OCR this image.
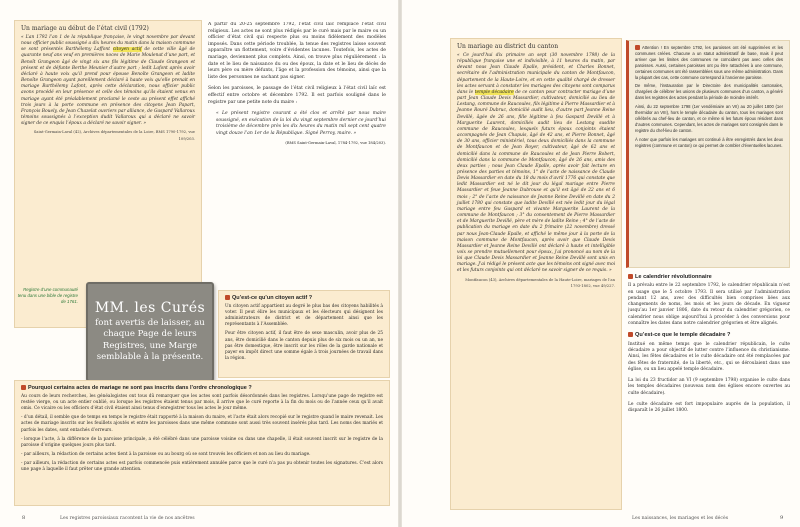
Un mariage au début de l’état civil (1792)
« L’an 1792 l’an 1 de la république française, le vingt novembre par devant nous officier public soussigné a dix heures du matin dans la maison commune se sont présentés Barthélemy Laffont citoyen actif de cette ville âgé de quarante neuf ans veuf en premières noces de Marie Moulenat d’une part, et Benoît Grangeon âgé de vingt six ans fils légitime de Claude Grangeon et présent et de défunte Berthe Meunier d’autre part ; ledit Lafont après avoir déclaré à haute voix qu’il prend pour épouse Benoîte Grangeon et ladite Benoîte Grangeon ayant pareillement déclaré à haute voix qu’elle prenait en mariage Barthélemy Lafont, après cette déclaration, nous officier public avons procédé en leur présence et celle des témoins qu’ils étaient venus en mariage ayant été préalablement proclamé le ceste au présent effet affiché trois jours à la porte commune en présence des citoyens Jean Papart, François Bouely, de Jean Chazelat ouvriers par alliance, de Gaspard Vallaroux témoins soussignés à l’exception dudit Vallaroux qui a déclaré ne savoir signer de ce enquis l’époux a déclaré ne savoir signer. »
Saint-Germain-Laval (42), Archives départementales de la Loire, BMS 1790-1792, vue 109/203.

À partir du 20-25 septembre 1792, l’état civil laïc remplace l’état civil religieux. Les actes ne sont plus rédigés par le curé mais par le maire ou un officier d’état civil qui respecte plus ou moins fidèlement des modèles imposés. Dans cette période troublée, la tenue des registres laisse souvent apparaître un flottement, voire d’évidentes lacunes. Toutefois, les actes de mariage, deviennent plus complets. Ainsi, on trouve plus régulièrement : la date et le lieu de naissance du ou des époux, la date et le lieu de décès de leurs père ou mère défunts, l’âge et la profession des témoins, ainsi que la liste des personnes ne sachant pas signer.

Selon les paroisses, le passage de l’état civil religieux à l’état civil laïc est effectif entre octobre et décembre 1792. Il est parfois souligné dans le registre par une petite note du maire :

« Le présent registre courant a été clos et arrêté par nous maire soussigné, en exécution de la loi du vingt septembre dernier ce jourd’hui troisième de décembre près les dix heures du matin mil sept cent quatre vingt douze l’an 1er de la République. Signé Perroy, maire. »
(BMS Saint-Germain-Laval, 1784-1792, vue 184/203).
Registre d’une communauté tenu dans une bible de registre de 1761. MM. les Curés
font avertis de laisser, au chaque Page de leurs Registres, une Marge semblable à la présente.
Qu’est-ce qu’un citoyen actif ?

Un citoyen actif appartient au degré le plus bas des citoyens habilités à voter. Il peut élire les municipaux et les électeurs qui désignent les administrateurs de district et de département ainsi que les représentants à l’Assemblée.

Pour être citoyen actif, il faut être de sexe masculin, avoir plus de 25 ans, être domicilié dans le canton depuis plus de six mois ou un an, ne pas être domestique, être inscrit sur les rôles de la garde nationale et payer en impôt direct une somme égale à trois journées de travail dans la région.

Pourquoi certains actes de mariage ne sont pas inscrits dans l’ordre chronologique ?

Au cours de leurs recherches, les généalogistes ont tous dû remarquer que les actes sont parfois désordonnés dans les registres. Lorsqu’une page de registre est restée vierge, ou un acte entier oublié, ou lorsque les registres étaient tenus par mois, il arrive que le curé reporte à la fin du mois ou de l’année ceux qu’il avait omis. Ce vicaire ou les officiers d’état civil étaient ainsi tenus d’enregistrer tous les actes le jour même.

- d’un détail, il semble que de temps en temps le registre était rapporté à la maison du maire, et l’acte était alors recopié sur le registre quand le maire revenait. Les actes de mariage inscrits sur les feuillets ajoutés et entre les paroisses dans une même commune sont aussi très souvent insérés plus tard. Les noms des mariés et parfois les dates, sont entachés d’erreurs.

- lorsque l’acte, à la différence de la paroisse principale, a été célébré dans une paroisse voisine ou dans une chapelle, il était souvent inscrit sur le registre de la paroisse d’origine quelques jours plus tard.

- par ailleurs, la rédaction de certains actes tient à la paroisse ou au bourg où se sont trouvés les officiers et non au lieu du mariage.

- par ailleurs, la rédaction de certains actes est parfois commencée puis entièrement annulée parce que le curé n’a pas pu obtenir toutes les signatures. C’est alors une page à laquelle il faut prêter une grande attention.

8	Les registres paroissiaux racontent la vie de nos ancêtres
Un mariage au district du canton
« Ce jourd’hui dix primaire an sept (30 novembre 1798) de la république française une et indivisible, à 11 heures du matin, par devant nous Jean Claude Epalle, président, et Charles Bonnet, secrétaire de l’administration municipale du canton de Montfaucon, département de la Haute-Loire, et en cette qualité chargé de dresser les actes servant à constater les mariages des citoyens sont comparus dans le temple décadaire de ce canton pour contracter mariage d’une part Jean Claude Devis Massardier, cultivateur, domicilié au lieu de Lestang, commune de Raucoules, fils légitime à Pierre Massardier et à Jeanne Rouré Dubruc, domicilié audit lieu, d’autre part Jeanne Reine Devillé, âgée de 26 ans, fille légitime à feu Gaspard Devillé et à Marguerite Laurent, domiciliés audit lieu de Lestang susdite commune de Raucoules, lesquels futurs époux conjoints étaient accompagnés de Jean Chapuis, âgé de 42 ans, et Pierre Bonnet, âgé de 30 ans, officier ministériel, tous deux domiciliés dans la commune de Montfaucon et de Jean Royer, cultivateur, âgé de 62 ans et domicilié dans la commune de Raucoules et de Jean Pierre Robert, domicilié dans la commune de Montfaucon, âgé de 26 ans, amis des deux parties ; nous Jean Claude Epalle, après avoir fait lecture en présence des parties et témoins, 1° de l’acte de naissance de Claude Devis Massardier en date du 18 du mois d’avril 1776 qui constate que ledit Massardier est né le dit jour du légal mariage entre Pierre Massardier et feue Jeanne Dubrouse et qu’il est âgé de 22 ans et 6 mois ; 2° de l’acte de naissance de Jeanne Reine Devillé en date du 2 juillet 1780 qui constate que ladite Devillé est née ledit jour du légal mariage entre feu Gaspard et vivante Marguerite Laurent de la commune de Montfaucon ; 3° du consentement de Pierre Massardier et de Marguerite Devillé, père et mère de ladite Reine ; 4° de l’acte de publication du mariage en date du 2 frimaire (22 novembre) dressé par nous Jean-Claude Epalle, et affiché le même jour à la porte de la maison commune de Montfaucon, après avoir que Claude Devis Massardier et Jeanne Reine Devillé ont déclaré à haute et intelligible voix se prendre mutuellement pour époux, j’ai prononcé au nom de la loi que Claude Devis Massardier et Jeanne Reine Devillé sont unis en mariage. J’ai rédigé le présent acte que les témoins ont signé avec moi et les futurs conjoints qui ont déclaré ne savoir signer de ce requis. »
Montfaucon (43), Archives départementales de la Haute-Loire, mariages de l’an 1793-1802, vue 49/227.

Attention ! En septembre 1792, les paroisses ont été supprimées et les communes créées. Chacune a un statut administratif de base, mais il peut arriver que les limites des communes ne coïncident pas avec celles des paroisses. Aussi, certaines paroisses ont pu être rattachées à une commune, certaines communes ont été rassemblées sous une même administration. Dans la plupart des cas, cette commune correspond à l’ancienne paroisse.

De même, l’instauration par le Directoire des municipalités cantonales, chargées de célébrer les unions de plusieurs communes d’un canton, a généré dans les registres des actes pendant la période de moindre intérêt.

Ainsi, du 22 septembre 1798 (1er vendémiaire an VII) au 20 juillet 1800 (1er thermidor an VIII), hors le temple décadaire du canton, tous les mariages sont célébrés au chef-lieu de canton, et ce même si les futurs époux résident dans d’autres communes. Cependant, les actes de mariages sont consignés dans le registre du chef-lieu de canton.

À noter que parfois les mariages ont continué à être enregistrés dans les deux registres (commune et canton) ce qui permet de combler d’éventuelles lacunes.

Le calendrier révolutionnaire

Il a prévalu entre le 22 septembre 1792, le calendrier républicain n’est en usage que le 5 octobre 1793. Il sera utilisé par l’administration pendant 12 ans, avec des difficultés bien comprises liées aux changements de noms, les mois et les jours de décade. En vigueur jusqu’au 1er janvier 1806, date du retour du calendrier grégorien, ce calendrier nous oblige aujourd’hui à procéder à des conversions pour connaître les dates dans notre calendrier grégorien et être alignés.

Qu’est-ce que le temple décadaire ?

Institué en même temps que le calendrier républicain, le culte décadaire a pour objectif de lutter contre l’influence du christianisme. Ainsi, les fêtes décadaires et le culte décadaire ont été remplacées par des fêtes de fraternité, de la liberté, etc., qui se déroulaient dans une église, ou un lieu appelé temple décadaire.

La loi du 23 fructidor an VI (9 septembre 1798) organise le culte dans les temples décadaires (nouveau nom des églises encore ouvertes au culte décadaire).

Le culte décadaire est fort impopulaire auprès de la population, il disparaît le 26 juillet 1800.

Les naissances, les mariages et les décès	9
